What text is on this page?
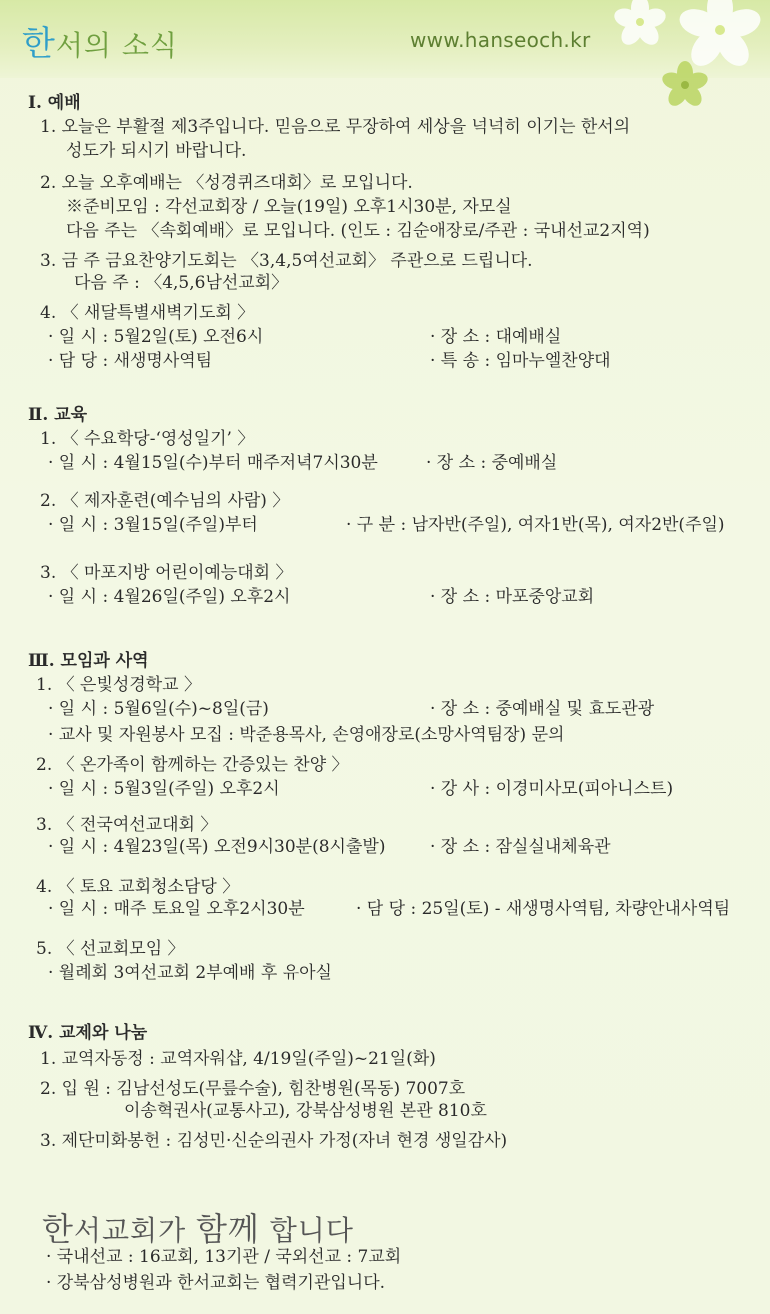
한서의 소식	www.hanseoch.kr
Ⅰ. 예배
1. 오늘은 부활절 제3주입니다. 믿음으로 무장하여 세상을 넉넉히 이기는 한서의
성도가 되시기 바랍니다.
2. 오늘 오후예배는 〈성경퀴즈대회〉로 모입니다.
※준비모임 : 각선교회장 / 오늘(19일) 오후1시30분, 자모실
다음 주는 〈속회예배〉로 모입니다. (인도 : 김순애장로/주관 : 국내선교2지역)
3. 금 주 금요찬양기도회는 〈3,4,5여선교회〉 주관으로 드립니다.
다음 주 : 〈4,5,6남선교회〉
4. 〈 새달특별새벽기도회 〉
· 일 시 : 5월2일(토) 오전6시	· 장 소 : 대예배실
· 담 당 : 새생명사역팀	· 특 송 : 임마누엘찬양대
Ⅱ. 교육
1. 〈 수요학당-‘영성일기’ 〉
· 일 시 : 4월15일(수)부터 매주저녁7시30분	· 장 소 : 중예배실
2. 〈 제자훈련(예수님의 사람) 〉
· 일 시 : 3월15일(주일)부터	· 구 분 : 남자반(주일), 여자1반(목), 여자2반(주일)
3. 〈 마포지방 어린이예능대회 〉
· 일 시 : 4월26일(주일) 오후2시	· 장 소 : 마포중앙교회
Ⅲ. 모임과 사역
1. 〈 은빛성경학교 〉
· 일 시 : 5월6일(수)~8일(금)	· 장 소 : 중예배실 및 효도관광
· 교사 및 자원봉사 모집 : 박준용목사, 손영애장로(소망사역팀장) 문의
2. 〈 온가족이 함께하는 간증있는 찬양 〉
· 일 시 : 5월3일(주일) 오후2시	· 강 사 : 이경미사모(피아니스트)
3. 〈 전국여선교대회 〉
· 일 시 : 4월23일(목) 오전9시30분(8시출발)	· 장 소 : 잠실실내체육관
4. 〈 토요 교회청소담당 〉
· 일 시 : 매주 토요일 오후2시30분	· 담 당 : 25일(토) - 새생명사역팀, 차량안내사역팀
5. 〈 선교회모임 〉
· 월례회 3여선교회 2부예배 후 유아실
Ⅳ. 교제와 나눔
1. 교역자동정 : 교역자워샵, 4/19일(주일)~21일(화)
2. 입 원 : 김남선성도(무릎수술), 힘찬병원(목동) 7007호
이송혁권사(교통사고), 강북삼성병원 본관 810호
3. 제단미화봉헌 : 김성민·신순의권사 가정(자녀 현경 생일감사)
한서교회가 함께 합니다
· 국내선교 : 16교회, 13기관 / 국외선교 : 7교회
· 강북삼성병원과 한서교회는 협력기관입니다.
